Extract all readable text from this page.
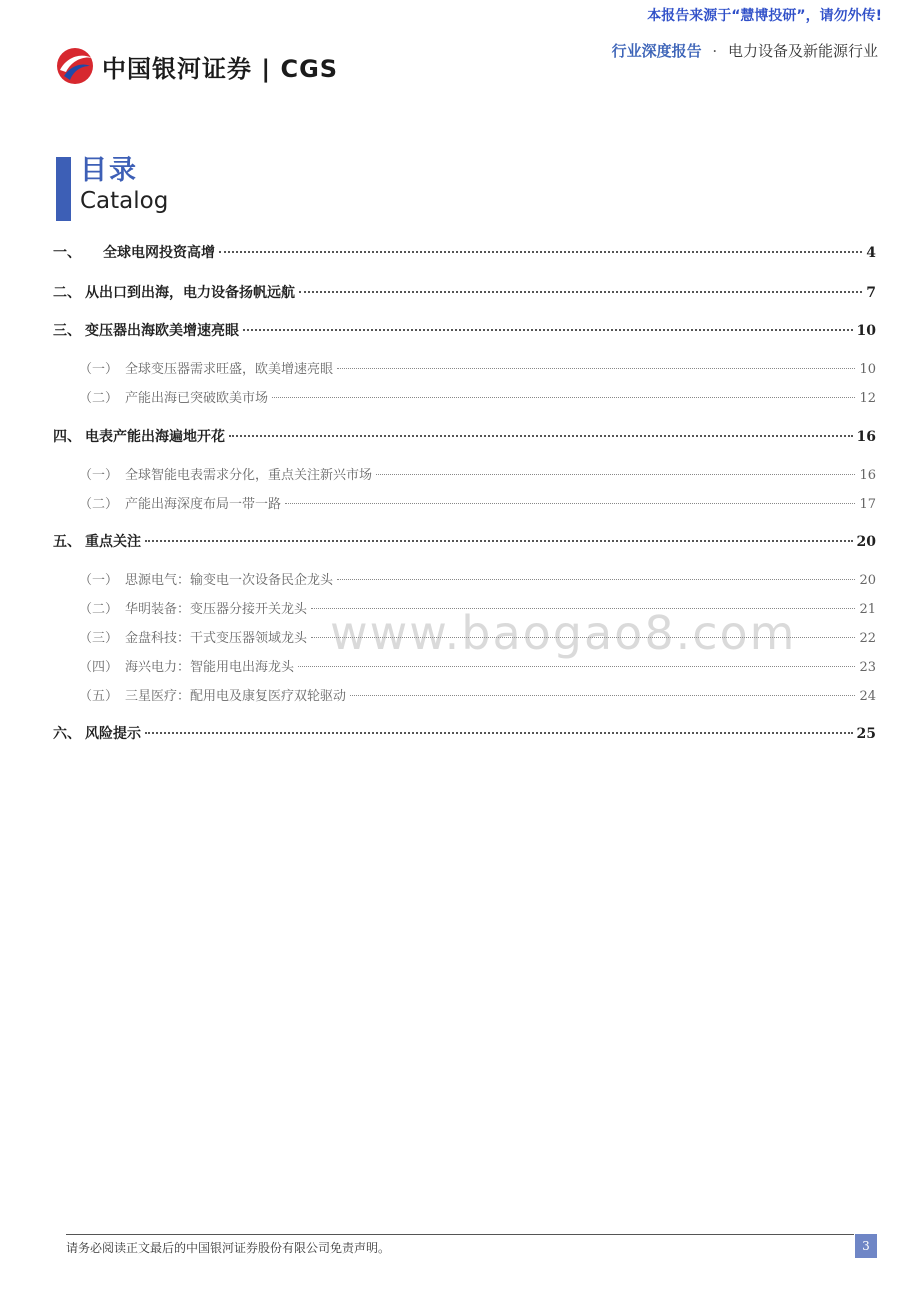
本报告来源于“慧博投研”，请勿外传!
中国银河证券 | CGS
行业深度报告 · 电力设备及新能源行业
目录
Catalog
一、 全球电网投资高增	4
二、 从出口到出海，电力设备扬帆远航	7
三、 变压器出海欧美增速亮眼	10
（一） 全球变压器需求旺盛，欧美增速亮眼	10
（二） 产能出海已突破欧美市场	12
四、 电表产能出海遍地开花	16
（一） 全球智能电表需求分化，重点关注新兴市场	16
（二） 产能出海深度布局一带一路	17
五、 重点关注	20
（一） 思源电气：输变电一次设备民企龙头	20
（二） 华明装备：变压器分接开关龙头	21
（三） 金盘科技：干式变压器领域龙头	22
（四） 海兴电力：智能用电出海龙头	23
（五） 三星医疗：配用电及康复医疗双轮驱动	24
六、 风险提示	25
www.baogao8.com
请务必阅读正文最后的中国银河证券股份有限公司免责声明。	3
